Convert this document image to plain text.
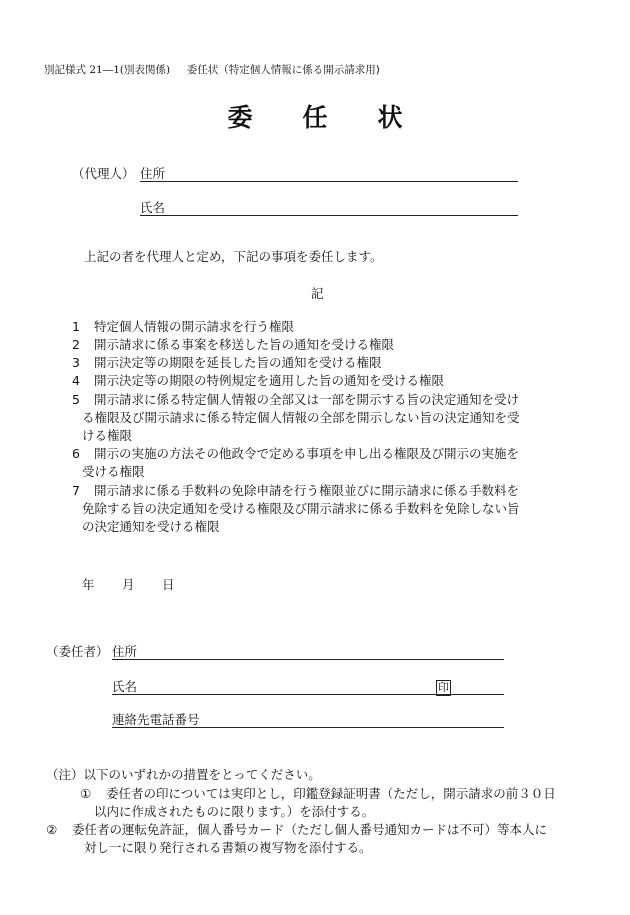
別記様式 21―1(別表関係) 委任状（特定個人情報に係る開示請求用)
委任状
（代理人） 住所
氏名
上記の者を代理人と定め，下記の事項を委任します。
記
1 特定個人情報の開示請求を行う権限
2 開示請求に係る事案を移送した旨の通知を受ける権限
3 開示決定等の期限を延長した旨の通知を受ける権限
4 開示決定等の期限の特例規定を適用した旨の通知を受ける権限
5 開示請求に係る特定個人情報の全部又は一部を開示する旨の決定通知を受け
る権限及び開示請求に係る特定個人情報の全部を開示しない旨の決定通知を受
ける権限
6 開示の実施の方法その他政令で定める事項を申し出る権限及び開示の実施を
受ける権限
7 開示請求に係る手数料の免除申請を行う権限並びに開示請求に係る手数料を
免除する旨の決定通知を受ける権限及び開示請求に係る手数料を免除しない旨
の決定通知を受ける権限
年 月 日
（委任者） 住所
氏名	印
連絡先電話番号
（注）以下のいずれかの措置をとってください。
① 委任者の印については実印とし，印鑑登録証明書（ただし，開示請求の前３０日
以内に作成されたものに限ります。）を添付する。
② 委任者の運転免許証，個人番号カード（ただし個人番号通知カードは不可）等本人に
対し一に限り発行される書類の複写物を添付する。
